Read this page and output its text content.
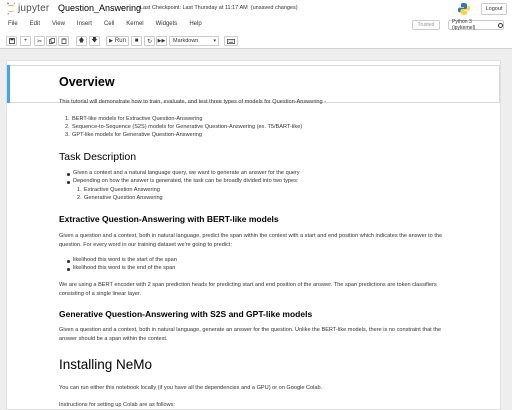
jupyter Question_Answering
Last Checkpoint: Last Thursday at 11:17 AM (unsaved changes)	Logout
File Edit View Insert Cell Kernel Widgets Help	Trusted	Python 3 (ipykernel)
+ ✂	🡅 🡇 ▶ Run ■ ↻ ▶▶ Markdown	▾
Overview
This tutorial will demonstrate how to train, evaluate, and test three types of models for Question-Answering -
1. BERT-like models for Extractive Question-Answering
2. Sequence-to-Sequence (S2S) models for Generative Question-Answering (ex. T5/BART-like)
3. GPT-like models for Generative Question-Answering
Task Description
Given a context and a natural language query, we want to generate an answer for the query
Depending on how the answer is generated, the task can be broadly divided into two types:
1. Extractive Question Answering
2. Generative Question Answering
Extractive Question-Answering with BERT-like models
Given a question and a context, both in natural language, predict the span within the context with a start and end position which indicates the answer to the
question. For every word in our training dataset we're going to predict:
likelihood this word is the start of the span
likelihood this word is the end of the span
We are using a BERT encoder with 2 span prediction heads for predicting start and end position of the answer. The span predictions are token classifiers
consisting of a single linear layer.
Generative Question-Answering with S2S and GPT-like models
Given a question and a context, both in natural language, generate an answer for the question. Unlike the BERT-like models, there is no constraint that the
answer should be a span within the context.
Installing NeMo
You can run either this notebook locally (if you have all the dependencies and a GPU) or on Google Colab.
Instructions for setting up Colab are as follows:
